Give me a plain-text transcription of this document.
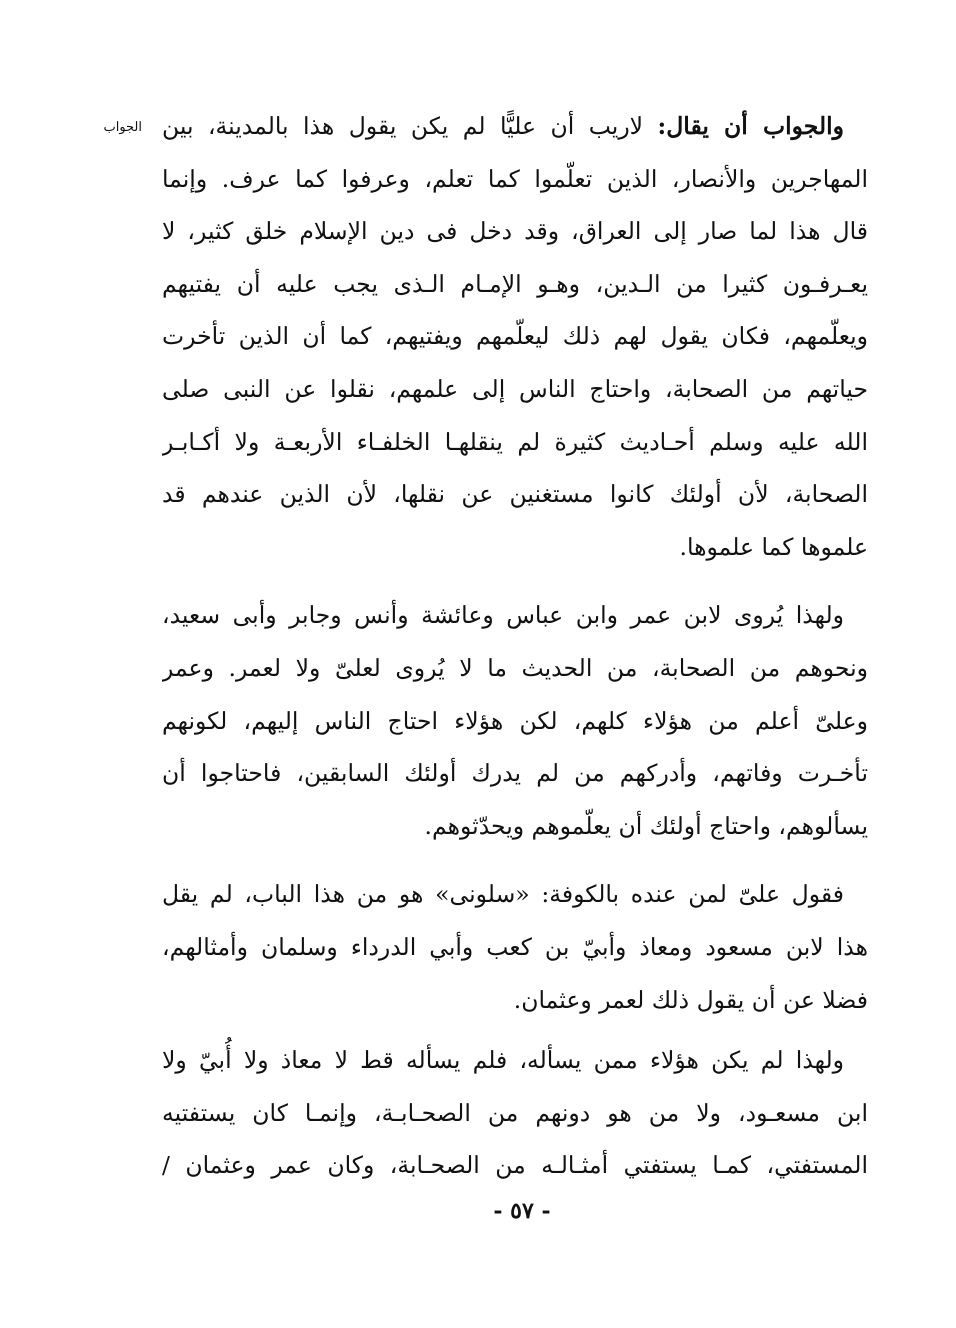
الجواب	والجواب أن يقال: لاريب أن عليًّا لم يكن يقول هذا بالمدينة، بين
المهاجرين والأنصار، الذين تعلّموا كما تعلم، وعرفوا كما عرف. وإنما
قال هذا لما صار إلى العراق، وقد دخل فى دين الإسلام خلق كثير، لا
يعـرفـون كثيرا من الـدين، وهـو الإمـام الـذى يجب عليه أن يفتيهم
ويعلّمهم، فكان يقول لهم ذلك ليعلّمهم ويفتيهم، كما أن الذين تأخرت
حياتهم من الصحابة، واحتاج الناس إلى علمهم، نقلوا عن النبى صلى
الله عليه وسلم أحـاديث كثيرة لم ينقلهـا الخلفـاء الأربعـة ولا أكـابـر
الصحابة، لأن أولئك كانوا مستغنين عن نقلها، لأن الذين عندهم قد
علموها كما علموها.
ولهذا يُروى لابن عمر وابن عباس وعائشة وأنس وجابر وأبى سعيد،
ونحوهم من الصحابة، من الحديث ما لا يُروى لعلىّ ولا لعمر. وعمر
وعلىّ أعلم من هؤلاء كلهم، لكن هؤلاء احتاج الناس إليهم، لكونهم
تأخـرت وفاتهم، وأدركهم من لم يدرك أولئك السابقين، فاحتاجوا أن
يسألوهم، واحتاج أولئك أن يعلّموهم ويحدّثوهم.
فقول علىّ لمن عنده بالكوفة: «سلونى» هو من هذا الباب، لم يقل
هذا لابن مسعود ومعاذ وأبيّ بن كعب وأبي الدرداء وسلمان وأمثالهم،
فضلا عن أن يقول ذلك لعمر وعثمان.
ولهذا لم يكن هؤلاء ممن يسأله، فلم يسأله قط لا معاذ ولا أُبيّ ولا
ابن مسعـود، ولا من هو دونهم من الصحـابـة، وإنمـا كان يستفتيه
المستفتي، كمـا يستفتي أمثـالـه من الصحـابة، وكان عمر وعثمان /
- ٥٧ -
